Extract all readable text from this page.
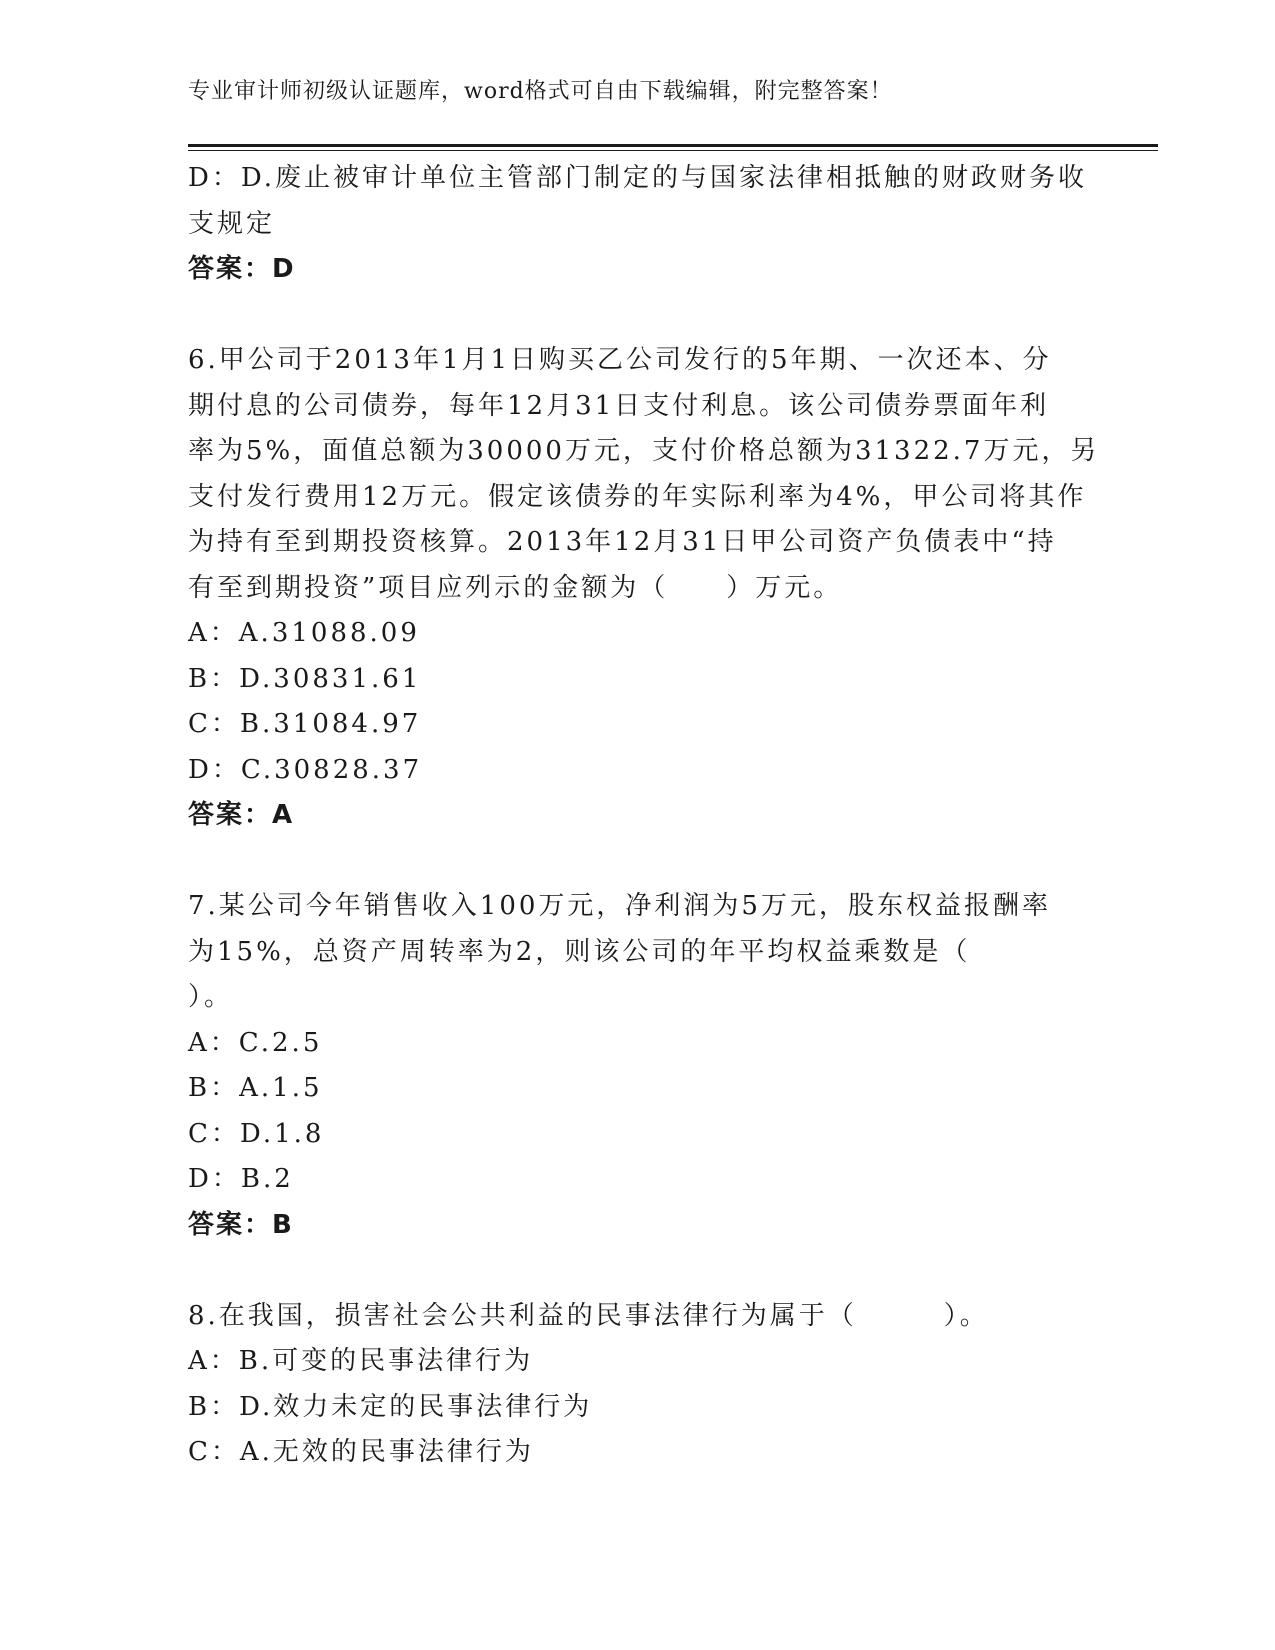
专业审计师初级认证题库，word格式可自由下载编辑，附完整答案！
D：D.废止被审计单位主管部门制定的与国家法律相抵触的财政财务收
支规定
答案：D
6.甲公司于2013年1月1日购买乙公司发行的5年期、一次还本、分
期付息的公司债券，每年12月31日支付利息。该公司债券票面年利
率为5%，面值总额为30000万元，支付价格总额为31322.7万元，另
支付发行费用12万元。假定该债券的年实际利率为4%，甲公司将其作
为持有至到期投资核算。2013年12月31日甲公司资产负债表中“持
有至到期投资”项目应列示的金额为（　　）万元。
A：A.31088.09
B：D.30831.61
C：B.31084.97
D：C.30828.37
答案：A
7.某公司今年销售收入100万元，净利润为5万元，股东权益报酬率
为15%，总资产周转率为2，则该公司的年平均权益乘数是（
）。
A：C.2.5
B：A.1.5
C：D.1.8
D：B.2
答案：B
8.在我国，损害社会公共利益的民事法律行为属于（　　　）。
A：B.可变的民事法律行为
B：D.效力未定的民事法律行为
C：A.无效的民事法律行为
